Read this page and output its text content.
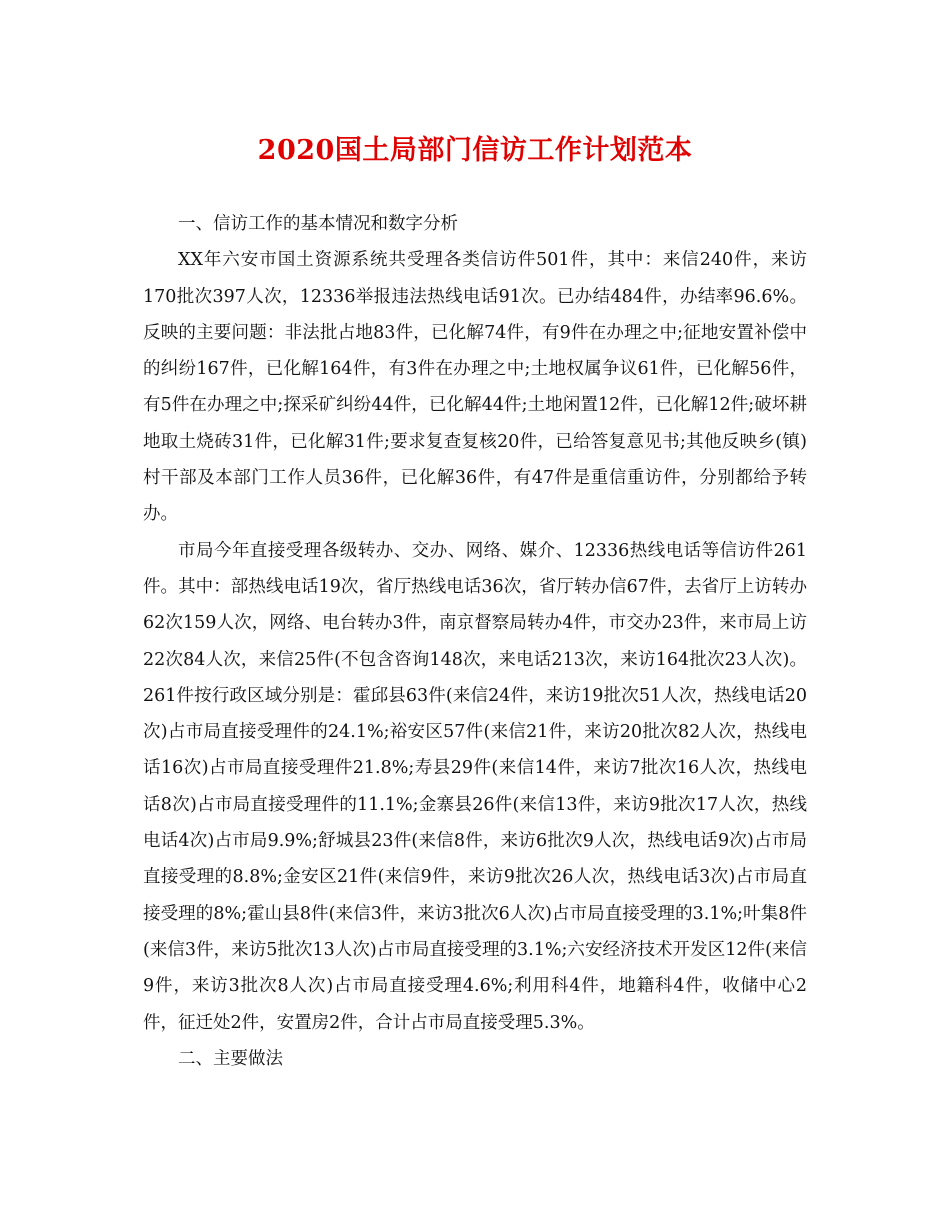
2020国土局部门信访工作计划范本

一、信访工作的基本情况和数字分析

XX年六安市国土资源系统共受理各类信访件501件，其中：来信240件，来访170批次397人次，12336举报违法热线电话91次。已办结484件，办结率96.6%。反映的主要问题：非法批占地83件，已化解74件，有9件在办理之中;征地安置补偿中的纠纷167件，已化解164件，有3件在办理之中;土地权属争议61件，已化解56件，有5件在办理之中;探采矿纠纷44件，已化解44件;土地闲置12件，已化解12件;破坏耕地取土烧砖31件，已化解31件;要求复查复核20件，已给答复意见书;其他反映乡(镇)村干部及本部门工作人员36件，已化解36件，有47件是重信重访件，分别都给予转办。

市局今年直接受理各级转办、交办、网络、媒介、12336热线电话等信访件261件。其中：部热线电话19次，省厅热线电话36次，省厅转办信67件，去省厅上访转办62次159人次，网络、电台转办3件，南京督察局转办4件，市交办23件，来市局上访22次84人次，来信25件(不包含咨询148次，来电话213次，来访164批次23人次)。261件按行政区域分别是：霍邱县63件(来信24件，来访19批次51人次，热线电话20次)占市局直接受理件的24.1%;裕安区57件(来信21件，来访20批次82人次，热线电话16次)占市局直接受理件21.8%;寿县29件(来信14件，来访7批次16人次，热线电话8次)占市局直接受理件的11.1%;金寨县26件(来信13件，来访9批次17人次，热线电话4次)占市局9.9%;舒城县23件(来信8件，来访6批次9人次，热线电话9次)占市局直接受理的8.8%;金安区21件(来信9件，来访9批次26人次，热线电话3次)占市局直接受理的8%;霍山县8件(来信3件，来访3批次6人次)占市局直接受理的3.1%;叶集8件(来信3件，来访5批次13人次)占市局直接受理的3.1%;六安经济技术开发区12件(来信9件，来访3批次8人次)占市局直接受理4.6%;利用科4件，地籍科4件，收储中心2件，征迁处2件，安置房2件，合计占市局直接受理5.3%。

二、主要做法
